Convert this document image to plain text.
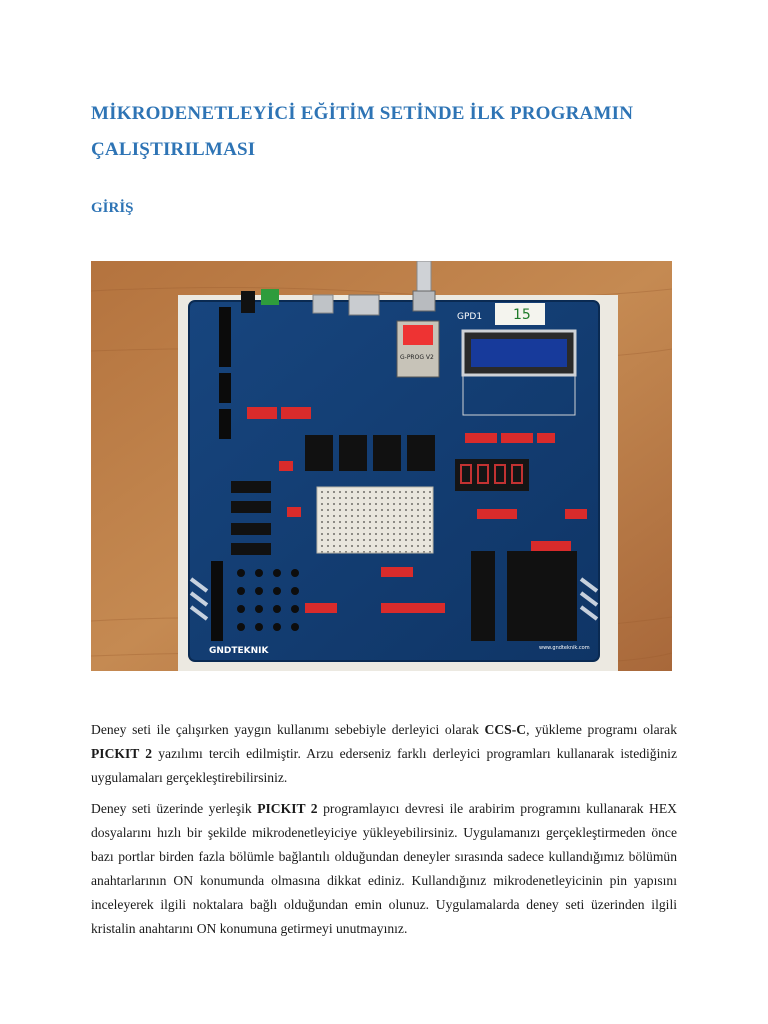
MİKRODENETLEYİCİ EĞİTİM SETİNDE İLK PROGRAMIN ÇALIŞTIRILMASI
GİRİŞ
15
GPD1
G-PROG V2
GNDTEKNIK	www.gndteknik.com

Deney seti ile çalışırken yaygın kullanımı sebebiyle derleyici olarak CCS-C, yükleme programı olarak PICKIT 2 yazılımı tercih edilmiştir. Arzu ederseniz farklı derleyici programları kullanarak istediğiniz uygulamaları gerçekleştirebilirsiniz.

Deney seti üzerinde yerleşik PICKIT 2 programlayıcı devresi ile arabirim programını kullanarak HEX dosyalarını hızlı bir şekilde mikrodenetleyiciye yükleyebilirsiniz. Uygulamanızı gerçekleştirmeden önce bazı portlar birden fazla bölümle bağlantılı olduğundan deneyler sırasında sadece kullandığımız bölümün anahtarlarının ON konumunda olmasına dikkat ediniz. Kullandığınız mikrodenetleyicinin pin yapısını inceleyerek ilgili noktalara bağlı olduğundan emin olunuz. Uygulamalarda deney seti üzerinden ilgili kristalin anahtarını ON konumuna getirmeyi unutmayınız.
